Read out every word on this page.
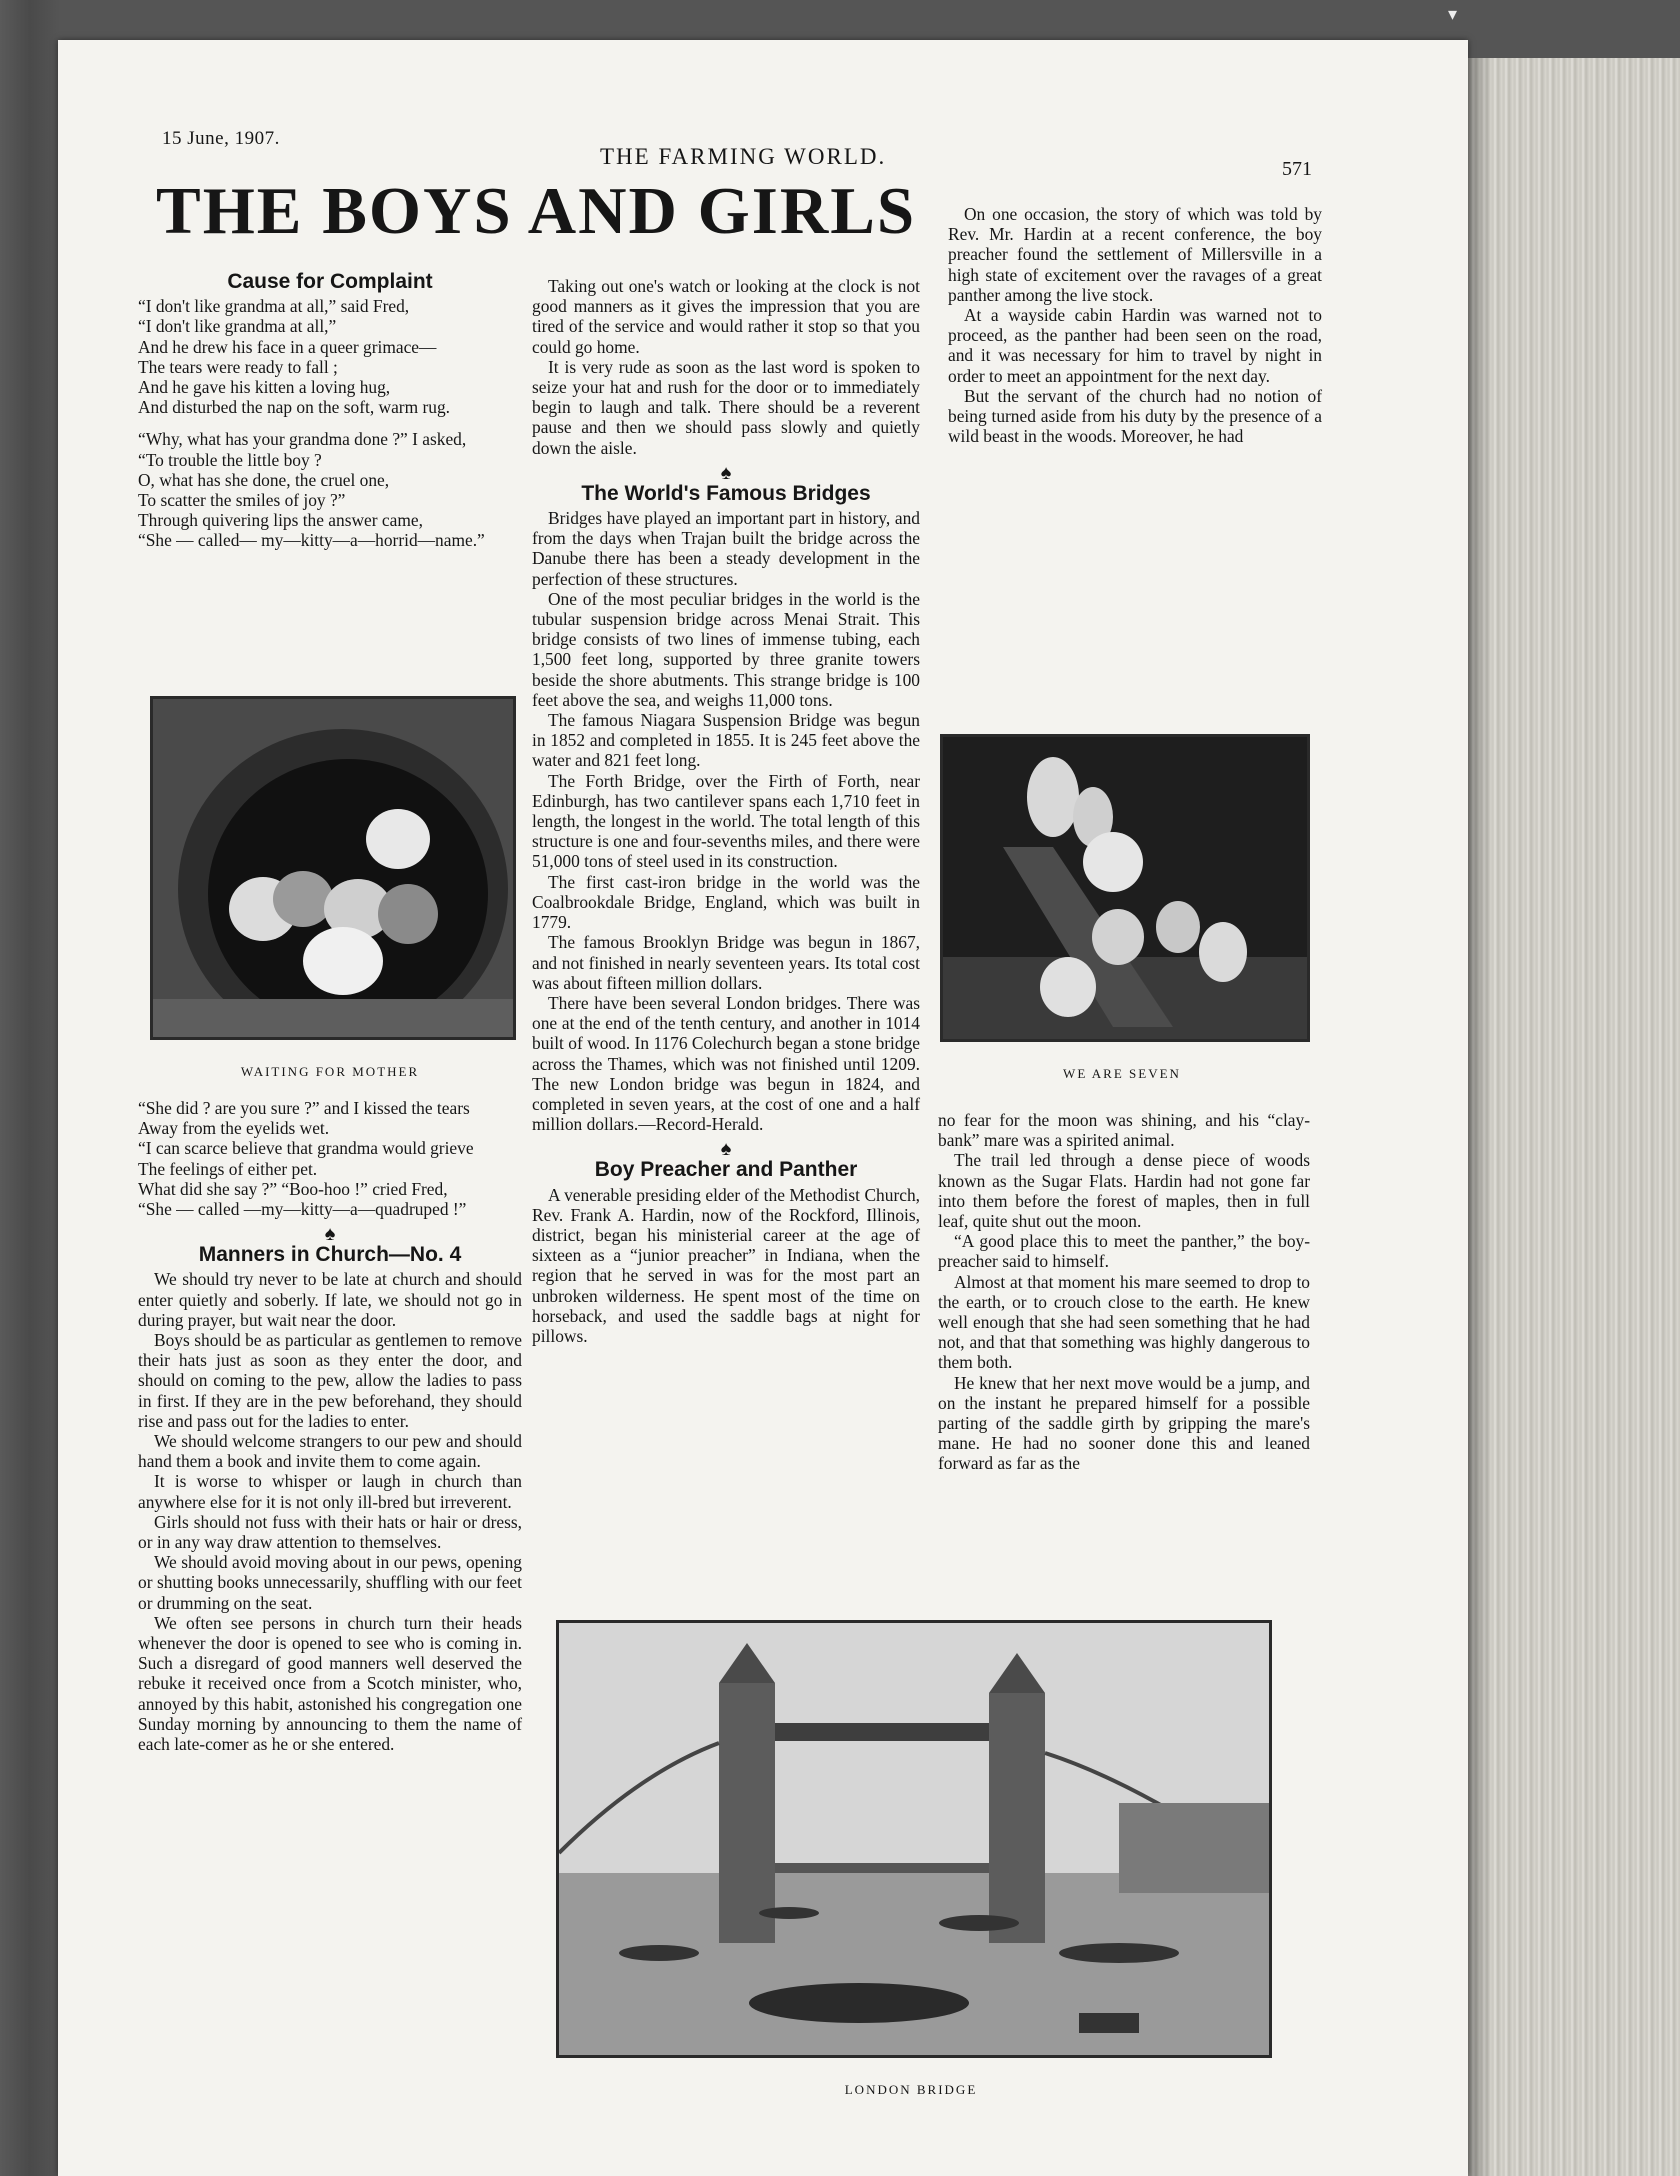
▾
15 June, 1907.
THE FARMING WORLD.	571
THE BOYS AND GIRLS
Cause for Complaint
“I don't like grandma at all,” said Fred,
“I don't like grandma at all,”
And he drew his face in a queer grimace—
The tears were ready to fall ;
And he gave his kitten a loving hug,
And disturbed the nap on the soft, warm rug.
“Why, what has your grandma done ?” I asked,
“To trouble the little boy ?
O, what has she done, the cruel one,
To scatter the smiles of joy ?”
Through quivering lips the answer came,
“She — called— my—kitty—a—horrid—name.”
WAITING FOR MOTHER
“She did ? are you sure ?” and I kissed the tears
Away from the eyelids wet.
“I can scarce believe that grandma would grieve
The feelings of either pet.
What did she say ?” “Boo-hoo !” cried Fred,
“She — called —my—kitty—a—quadruped !”
♠
Manners in Church—No. 4

We should try never to be late at church and should enter quietly and soberly. If late, we should not go in during prayer, but wait near the door.

Boys should be as particular as gentlemen to remove their hats just as soon as they enter the door, and should on coming to the pew, allow the ladies to pass in first. If they are in the pew beforehand, they should rise and pass out for the ladies to enter.

We should welcome strangers to our pew and should hand them a book and invite them to come again.

It is worse to whisper or laugh in church than anywhere else for it is not only ill-bred but irreverent.

Girls should not fuss with their hats or hair or dress, or in any way draw attention to themselves.

We should avoid moving about in our pews, opening or shutting books unnecessarily, shuffling with our feet or drumming on the seat.

We often see persons in church turn their heads whenever the door is opened to see who is coming in. Such a disregard of good manners well deserved the rebuke it received once from a Scotch minister, who, annoyed by this habit, astonished his congregation one Sunday morning by announcing to them the name of each late-comer as he or she entered.

Taking out one's watch or looking at the clock is not good manners as it gives the impression that you are tired of the service and would rather it stop so that you could go home.

It is very rude as soon as the last word is spoken to seize your hat and rush for the door or to immediately begin to laugh and talk. There should be a reverent pause and then we should pass slowly and quietly down the aisle.

♠
The World's Famous Bridges

Bridges have played an important part in history, and from the days when Trajan built the bridge across the Danube there has been a steady development in the perfection of these structures.

One of the most peculiar bridges in the world is the tubular suspension bridge across Menai Strait. This bridge consists of two lines of immense tubing, each 1,500 feet long, supported by three granite towers beside the shore abutments. This strange bridge is 100 feet above the sea, and weighs 11,000 tons.

The famous Niagara Suspension Bridge was begun in 1852 and completed in 1855. It is 245 feet above the water and 821 feet long.

The Forth Bridge, over the Firth of Forth, near Edinburgh, has two cantilever spans each 1,710 feet in length, the longest in the world. The total length of this structure is one and four-sevenths miles, and there were 51,000 tons of steel used in its construction.

The first cast-iron bridge in the world was the Coalbrookdale Bridge, England, which was built in 1779.

The famous Brooklyn Bridge was begun in 1867, and not finished in nearly seventeen years. Its total cost was about fifteen million dollars.

There have been several London bridges. There was one at the end of the tenth century, and another in 1014 built of wood. In 1176 Colechurch began a stone bridge across the Thames, which was not finished until 1209. The new London bridge was begun in 1824, and completed in seven years, at the cost of one and a half million dollars.—Record-Herald.

♠
Boy Preacher and Panther

A venerable presiding elder of the Methodist Church, Rev. Frank A. Hardin, now of the Rockford, Illinois, district, began his ministerial career at the age of sixteen as a “junior preacher” in Indiana, when the region that he served in was for the most part an unbroken wilderness. He spent most of the time on horseback, and used the saddle bags at night for pillows.

On one occasion, the story of which was told by Rev. Mr. Hardin at a recent conference, the boy preacher found the settlement of Millersville in a high state of excitement over the ravages of a great panther among the live stock.

At a wayside cabin Hardin was warned not to proceed, as the panther had been seen on the road, and it was necessary for him to travel by night in order to meet an appointment for the next day.

But the servant of the church had no notion of being turned aside from his duty by the presence of a wild beast in the woods. Moreover, he had

WE ARE SEVEN

no fear for the moon was shining, and his “clay-bank” mare was a spirited animal.

The trail led through a dense piece of woods known as the Sugar Flats. Hardin had not gone far into them before the forest of maples, then in full leaf, quite shut out the moon.

“A good place this to meet the panther,” the boy-preacher said to himself.

Almost at that moment his mare seemed to drop to the earth, or to crouch close to the earth. He knew well enough that she had seen something that he had not, and that that something was highly dangerous to them both.

He knew that her next move would be a jump, and on the instant he prepared himself for a possible parting of the saddle girth by gripping the mare's mane. He had no sooner done this and leaned forward as far as the

LONDON BRIDGE
